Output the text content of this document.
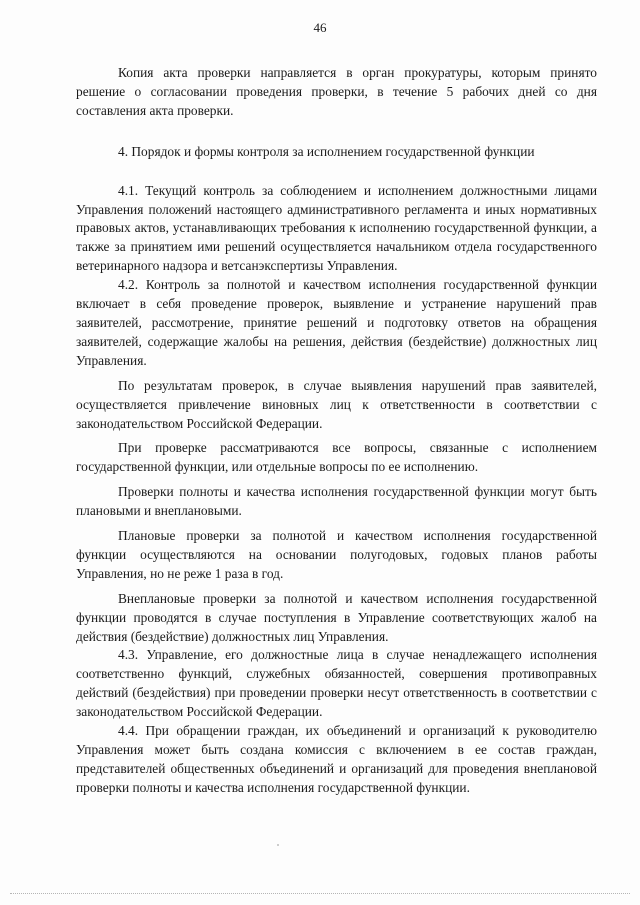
46

Копия акта проверки направляется в орган прокуратуры, которым принято решение о согласовании проведения проверки, в течение 5 рабочих дней со дня составления акта проверки.

4. Порядок и формы контроля за исполнением государственной функции

4.1. Текущий контроль за соблюдением и исполнением должностными лицами Управления положений настоящего административного регламента и иных нормативных правовых актов, устанавливающих требования к исполнению государственной функции, а также за принятием ими решений осуществляется начальником отдела государственного ветеринарного надзора и ветсанэкспертизы Управления.

4.2. Контроль за полнотой и качеством исполнения государственной функции включает в себя проведение проверок, выявление и устранение нарушений прав заявителей, рассмотрение, принятие решений и подготовку ответов на обращения заявителей, содержащие жалобы на решения, действия (бездействие) должностных лиц Управления.

По результатам проверок, в случае выявления нарушений прав заявителей, осуществляется привлечение виновных лиц к ответственности в соответствии с законодательством Российской Федерации.

При проверке рассматриваются все вопросы, связанные с исполнением государственной функции, или отдельные вопросы по ее исполнению.

Проверки полноты и качества исполнения государственной функции могут быть плановыми и внеплановыми.

Плановые проверки за полнотой и качеством исполнения государственной функции осуществляются на основании полугодовых, годовых планов работы Управления, но не реже 1 раза в год.

Внеплановые проверки за полнотой и качеством исполнения государственной функции проводятся в случае поступления в Управление соответствующих жалоб на действия (бездействие) должностных лиц Управления.

4.3. Управление, его должностные лица в случае ненадлежащего исполнения соответственно функций, служебных обязанностей, совершения противоправных действий (бездействия) при проведении проверки несут ответственность в соответствии с законодательством Российской Федерации.

4.4. При обращении граждан, их объединений и организаций к руководителю Управления может быть создана комиссия с включением в ее состав граждан, представителей общественных объединений и организаций для проведения внеплановой проверки полноты и качества исполнения государственной функции.
